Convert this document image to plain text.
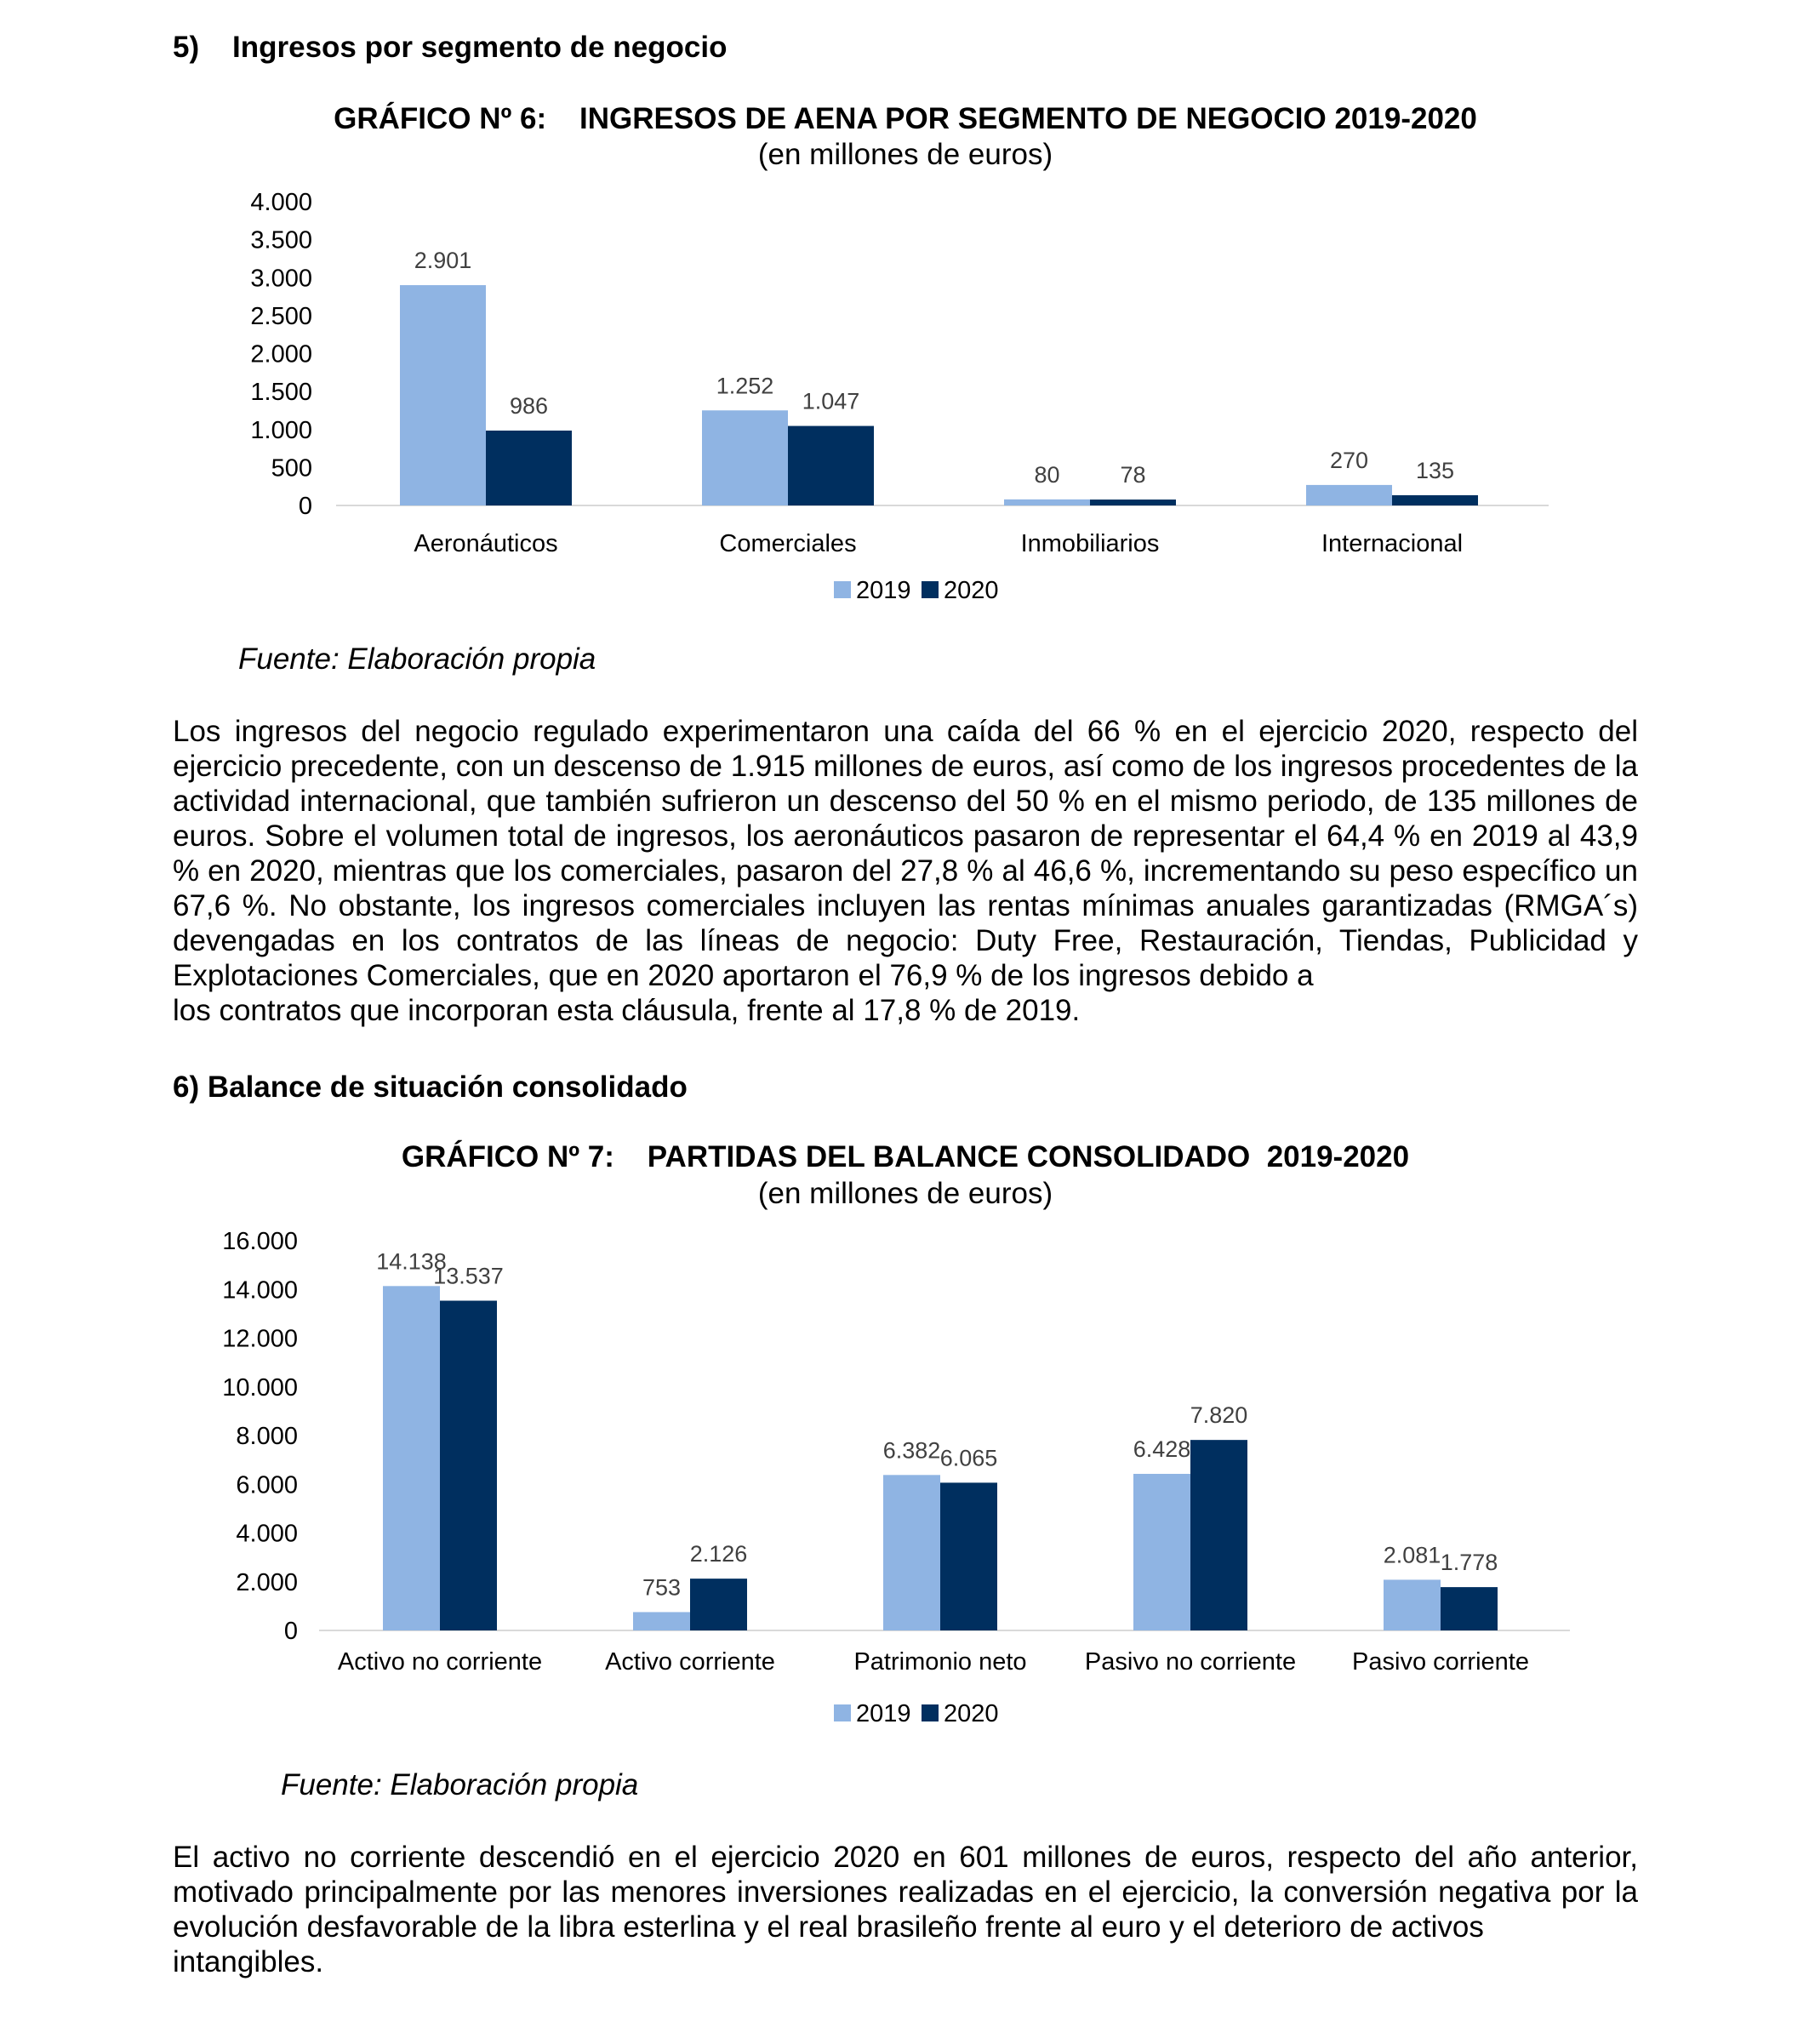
5) Ingresos por segmento de negocio
GRÁFICO Nº 6:    INGRESOS DE AENA POR SEGMENTO DE NEGOCIO 2019-2020
(en millones de euros)
0
500
1.000
1.500
2.000
2.500
3.000
3.500
4.000
2.901
986
Aeronáuticos
1.252
1.047
Comerciales
80	78
Inmobiliarios
270 135
Internacional
2019 2020
Fuente: Elaboración propia
Los ingresos del negocio regulado experimentaron una caída del 66 % en el ejercicio 2020, respecto del ejercicio precedente, con un descenso de 1.915 millones de euros, así como de los ingresos procedentes de la actividad internacional, que también sufrieron un descenso del 50 % en el mismo periodo, de 135 millones de euros. Sobre el volumen total de ingresos, los aeronáuticos pasaron de representar el 64,4 % en 2019 al 43,9 % en 2020, mientras que los comerciales, pasaron del 27,8 % al 46,6 %, incrementando su peso específico un 67,6 %. No obstante, los ingresos comerciales incluyen las rentas mínimas anuales garantizadas (RMGA´s) devengadas en los contratos de las líneas de negocio: Duty Free, Restauración, Tiendas, Publicidad y Explotaciones Comerciales, que en 2020 aportaron el 76,9 % de los ingresos debido a
los contratos que incorporan esta cláusula, frente al 17,8 % de 2019.
6) Balance de situación consolidado
GRÁFICO Nº 7:    PARTIDAS DEL BALANCE CONSOLIDADO  2019-2020
(en millones de euros)
0
2.000
4.000
6.000
8.000
10.000
12.000
14.000
16.000
14.138
13.537
Activo no corriente
753
2.126
Activo corriente
6.382 6.065
Patrimonio neto
6.428
7.820
Pasivo no corriente
2.081 1.778
Pasivo corriente
2019 2020
Fuente: Elaboración propia
El activo no corriente descendió en el ejercicio 2020 en 601 millones de euros, respecto del año anterior, motivado principalmente por las menores inversiones realizadas en el ejercicio, la conversión negativa por la evolución desfavorable de la libra esterlina y el real brasileño frente al euro y el deterioro de activos
intangibles.
